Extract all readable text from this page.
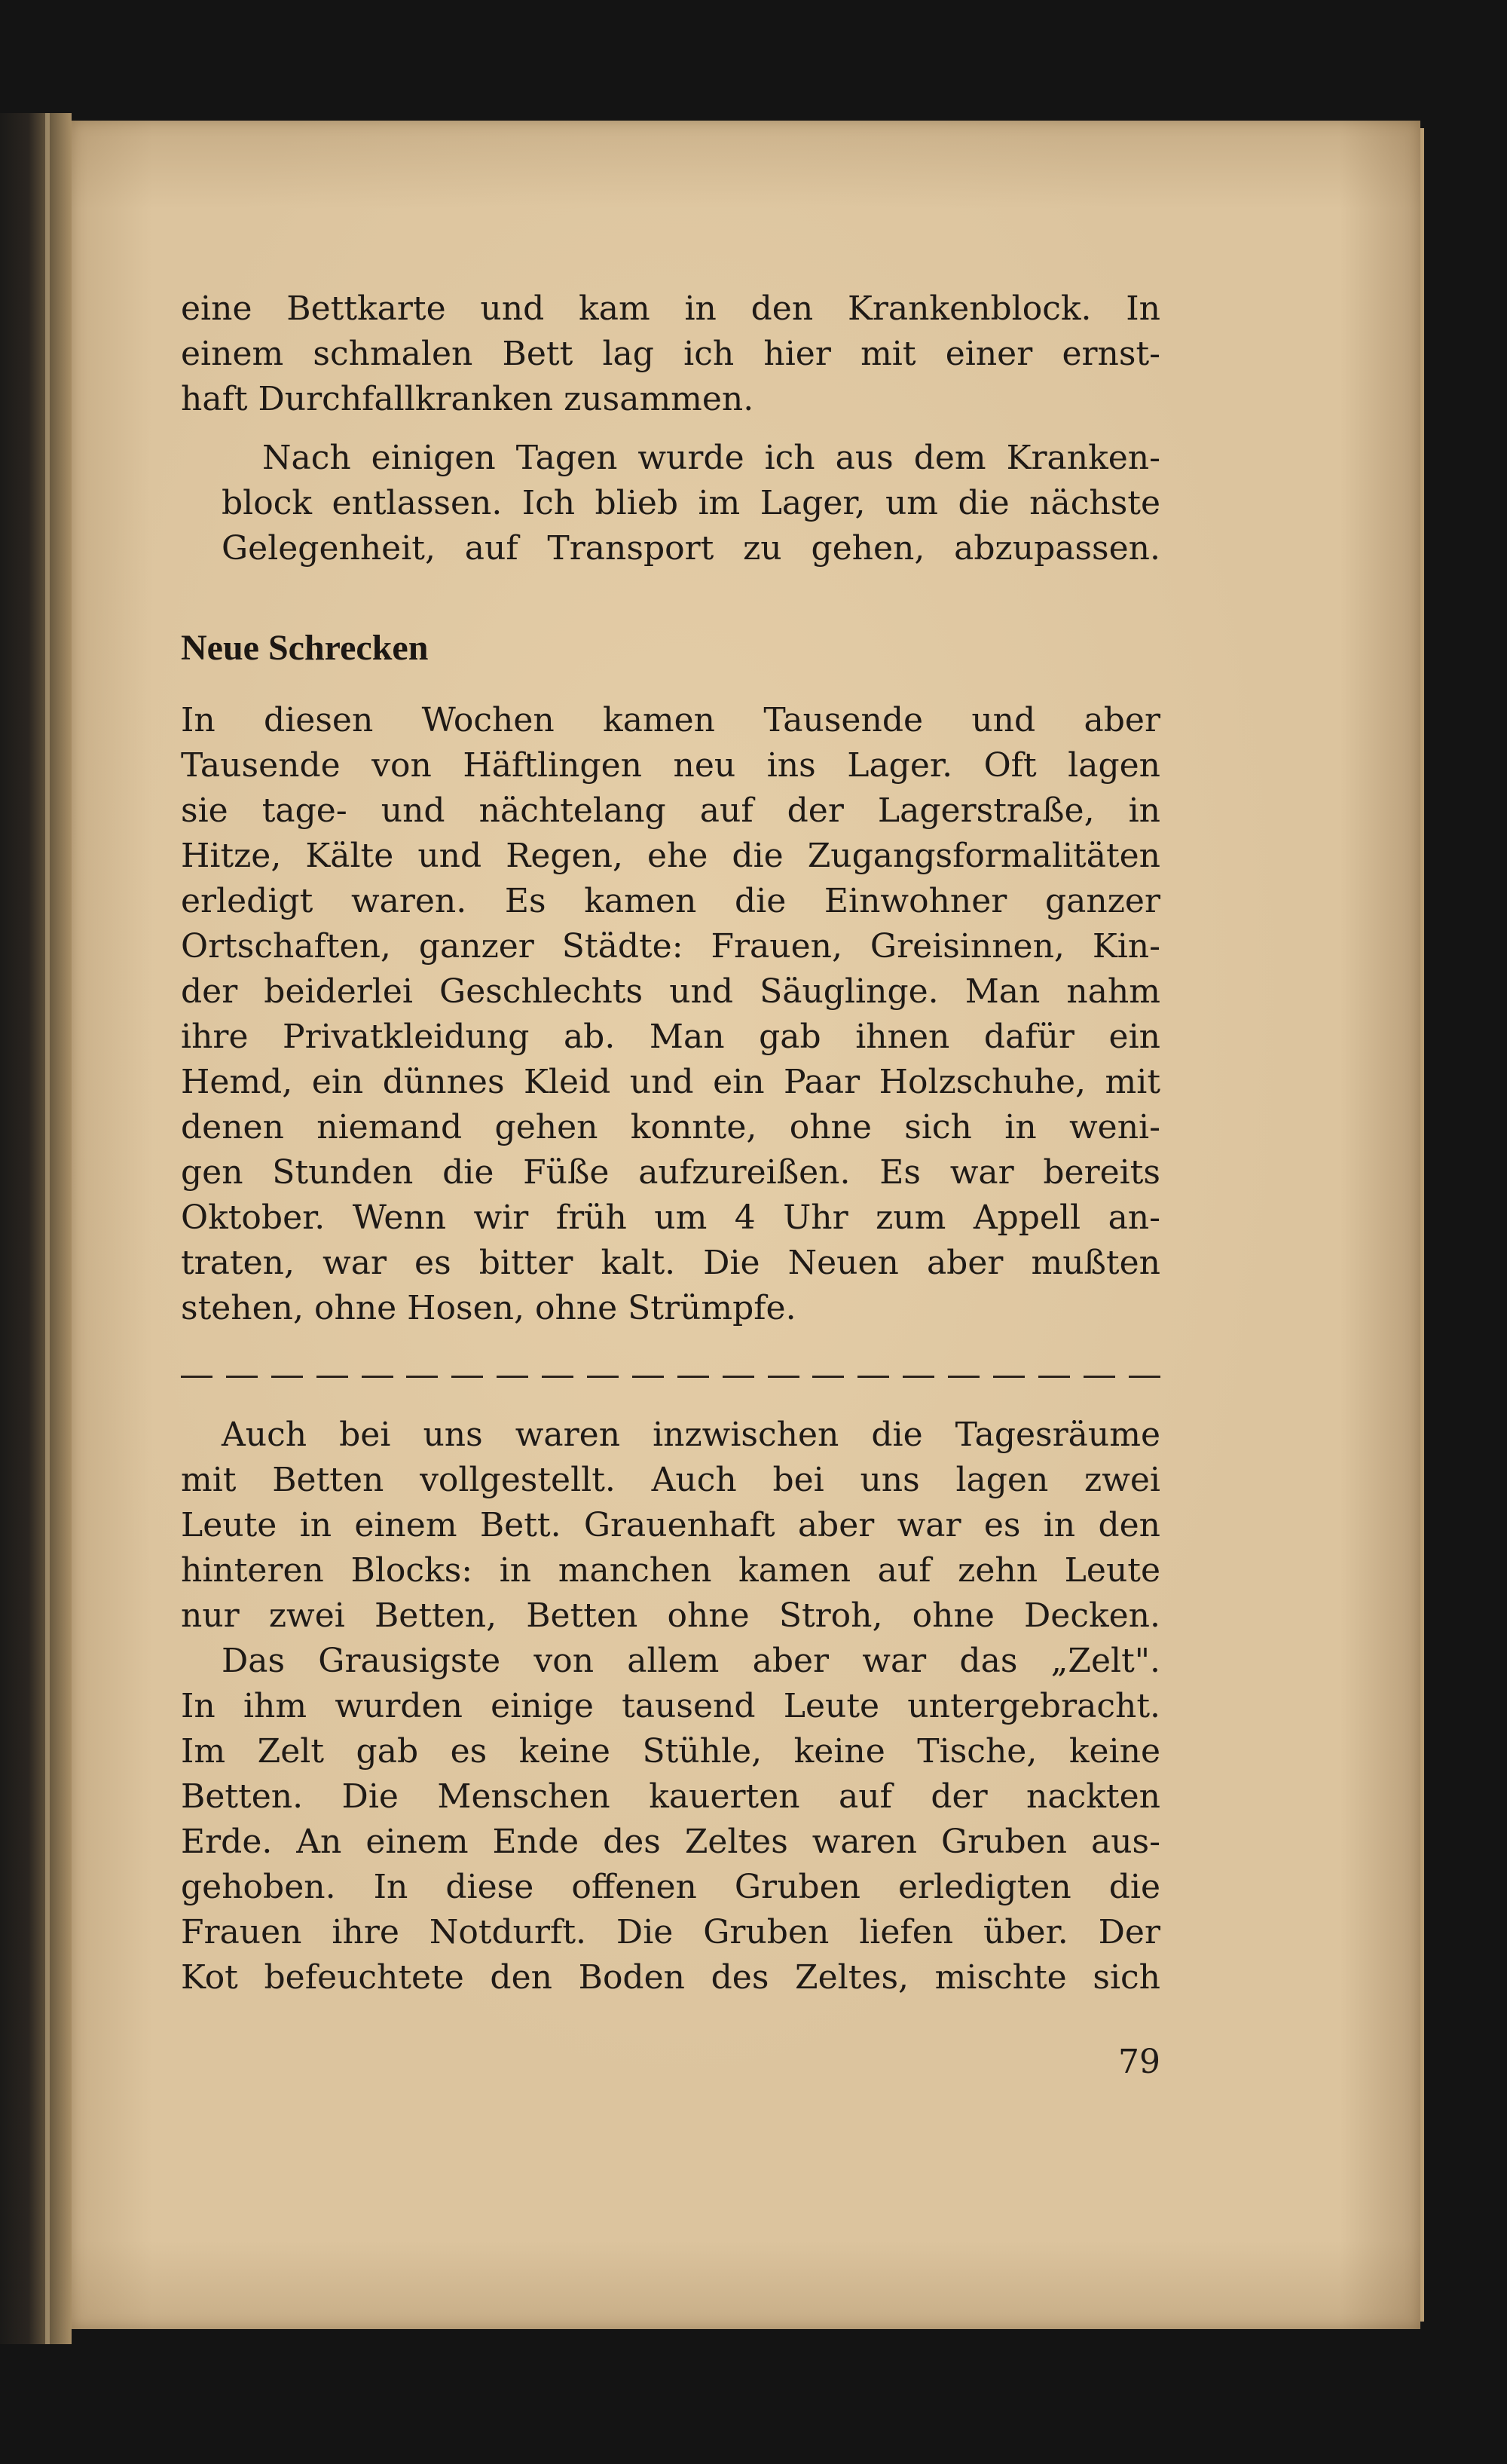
eine Bettkarte und kam in den Krankenblock. In
einem schmalen Bett lag ich hier mit einer ernst-
haft Durchfallkranken zusammen.
Nach einigen Tagen wurde ich aus dem Kranken-
block entlassen. Ich blieb im Lager, um die nächste
Gelegenheit, auf Transport zu gehen, abzupassen.
Neue Schrecken
In diesen Wochen kamen Tausende und aber
Tausende von Häftlingen neu ins Lager. Oft lagen
sie tage- und nächtelang auf der Lagerstraße, in
Hitze, Kälte und Regen, ehe die Zugangsformalitäten
erledigt waren. Es kamen die Einwohner ganzer
Ortschaften, ganzer Städte: Frauen, Greisinnen, Kin-
der beiderlei Geschlechts und Säuglinge. Man nahm
ihre Privatkleidung ab. Man gab ihnen dafür ein
Hemd, ein dünnes Kleid und ein Paar Holzschuhe, mit
denen niemand gehen konnte, ohne sich in weni-
gen Stunden die Füße aufzureißen. Es war bereits
Oktober. Wenn wir früh um 4 Uhr zum Appell an-
traten, war es bitter kalt. Die Neuen aber mußten
stehen, ohne Hosen, ohne Strümpfe.
Auch bei uns waren inzwischen die Tagesräume
mit Betten vollgestellt. Auch bei uns lagen zwei
Leute in einem Bett. Grauenhaft aber war es in den
hinteren Blocks: in manchen kamen auf zehn Leute
nur zwei Betten, Betten ohne Stroh, ohne Decken.
Das Grausigste von allem aber war das „Zelt".
In ihm wurden einige tausend Leute untergebracht.
Im Zelt gab es keine Stühle, keine Tische, keine
Betten. Die Menschen kauerten auf der nackten
Erde. An einem Ende des Zeltes waren Gruben aus-
gehoben. In diese offenen Gruben erledigten die
Frauen ihre Notdurft. Die Gruben liefen über. Der
Kot befeuchtete den Boden des Zeltes, mischte sich
79
